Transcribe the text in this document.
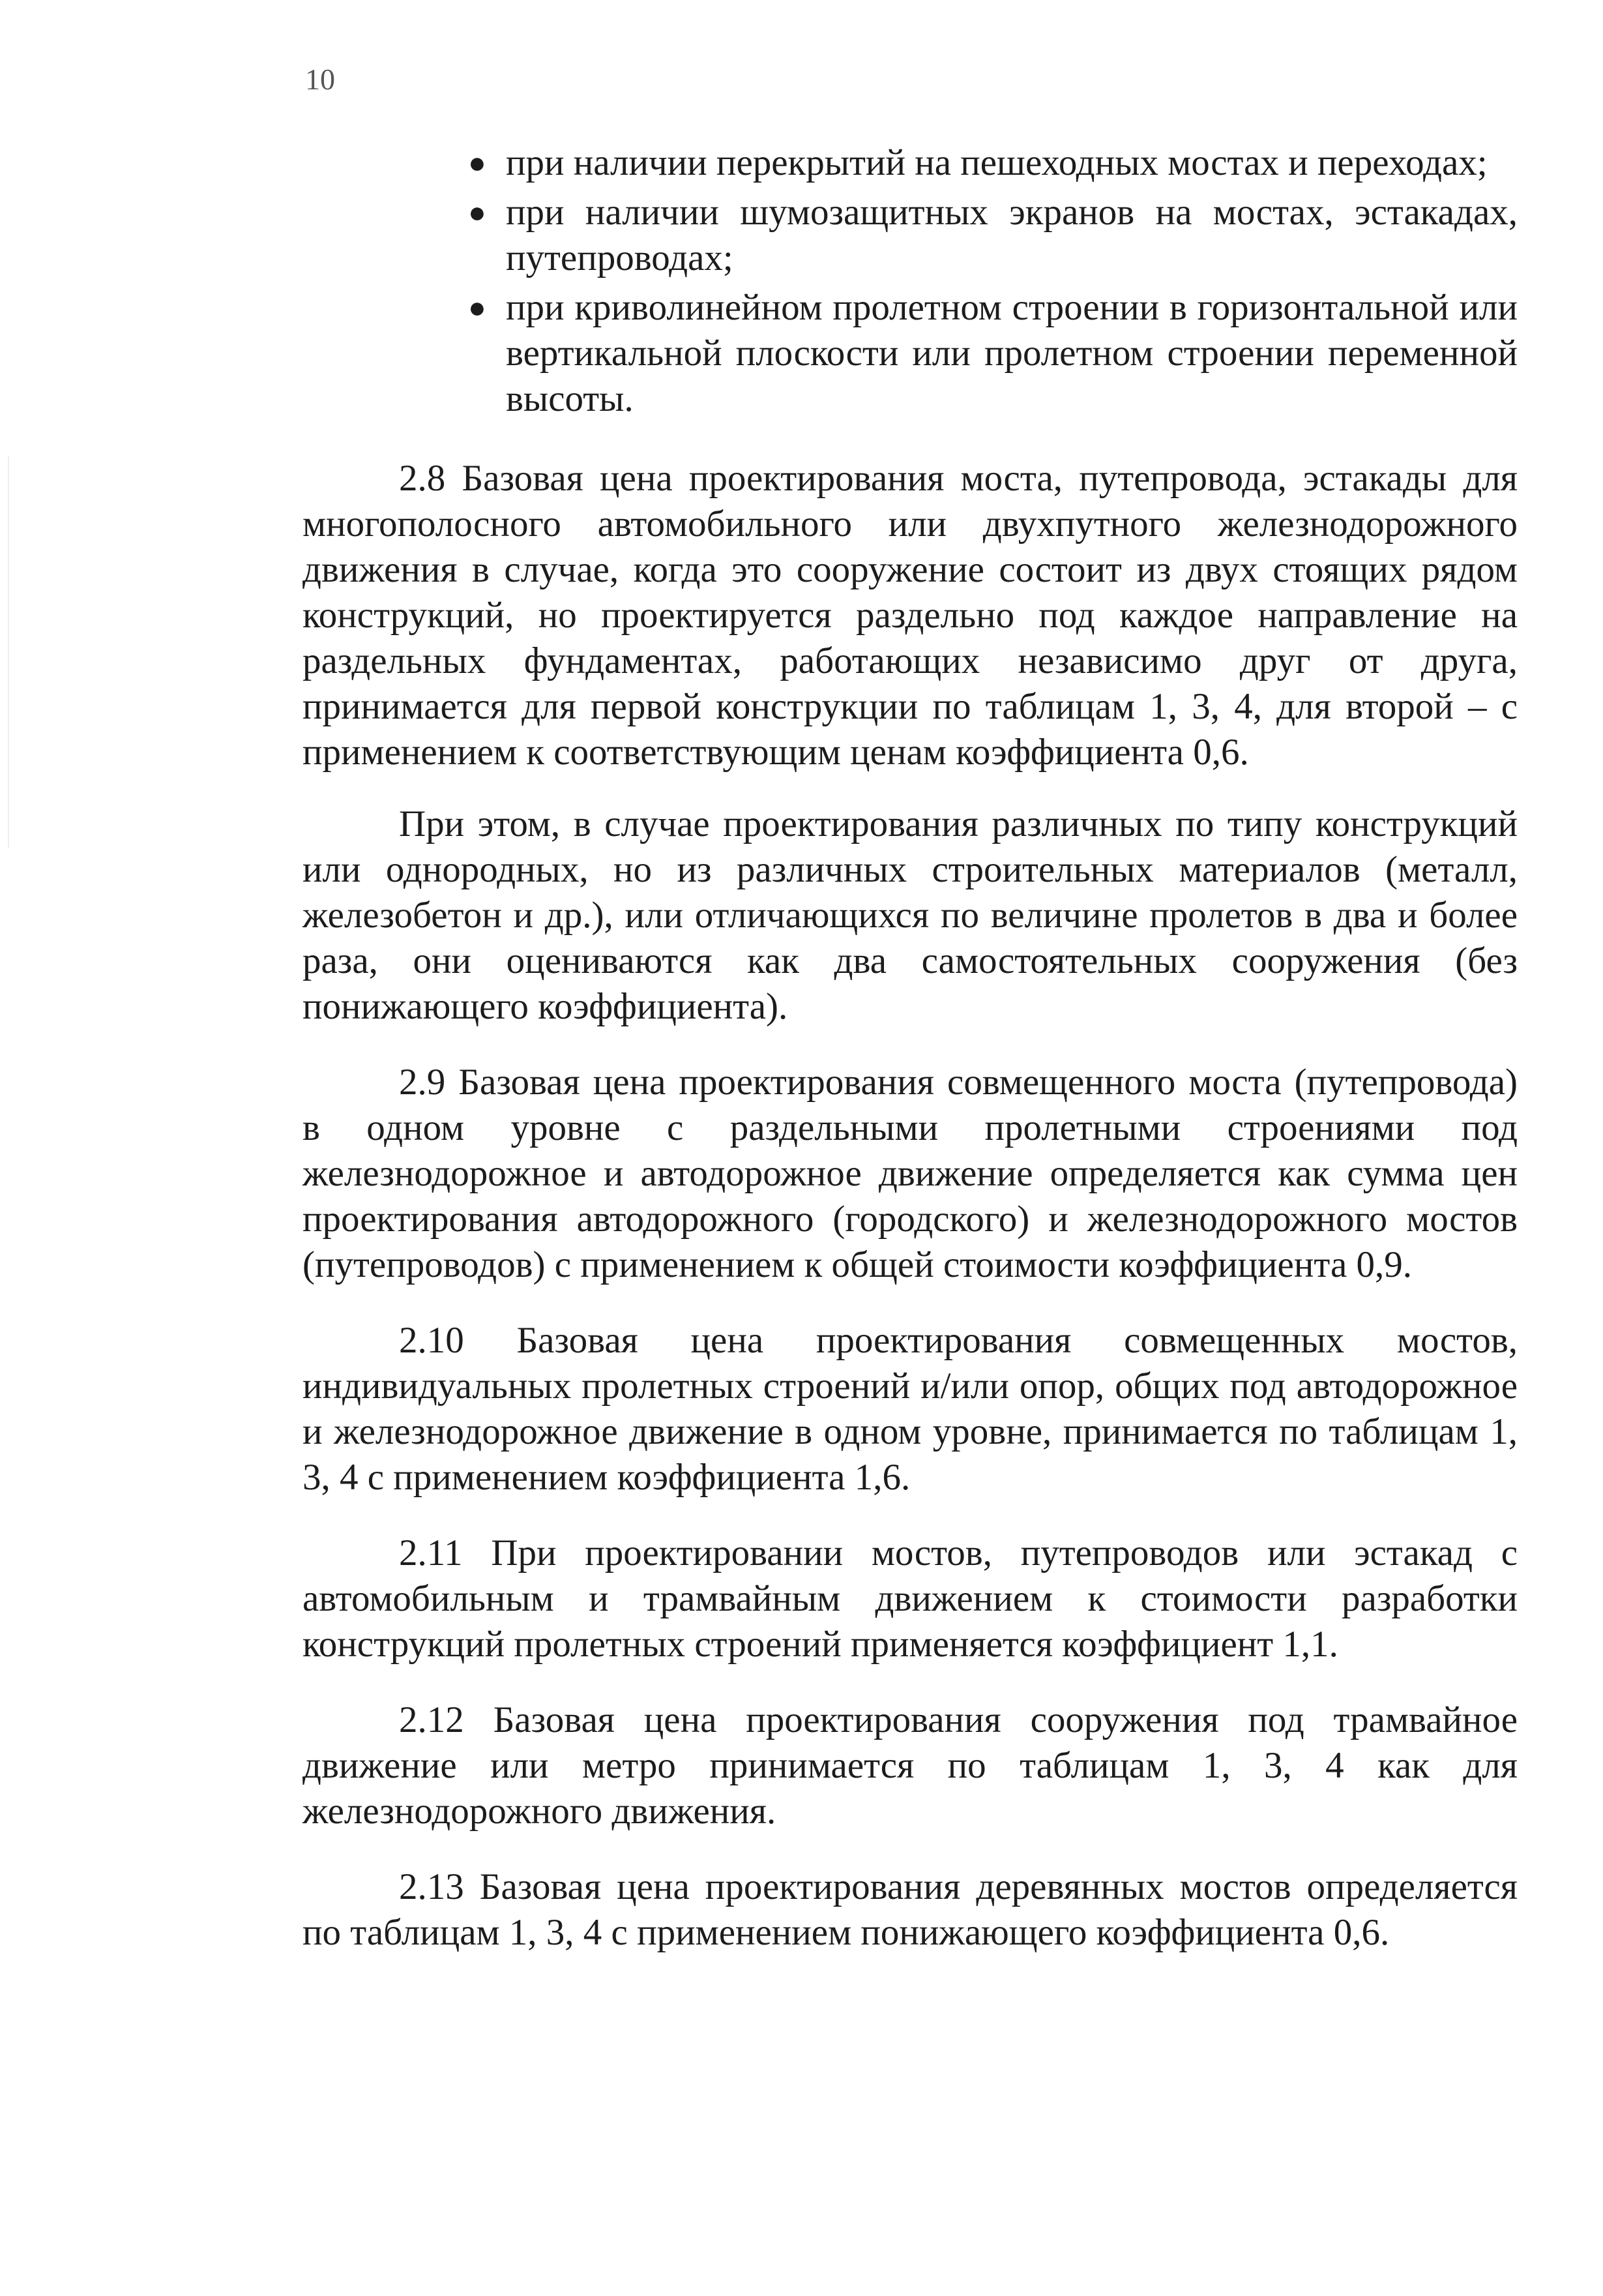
10
● при наличии перекрытий на пешеходных мостах и переходах;
● при наличии шумозащитных экранов на мостах, эстакадах, путепроводах;
● при криволинейном пролетном строении в горизонтальной или вертикальной плоскости или пролетном строении переменной высоты.

2.8 Базовая цена проектирования моста, путепровода, эстакады для многополосного автомобильного или двухпутного железнодорожного движения в случае, когда это сооружение состоит из двух стоящих рядом конструкций, но проектируется раздельно под каждое направление на раздельных фундаментах, работающих независимо друг от друга, принимается для первой конструкции по таблицам 1, 3, 4, для второй – с применением к соответствующим ценам коэффициента 0,6.

При этом, в случае проектирования различных по типу конструкций или однородных, но из различных строительных материалов (металл, железобетон и др.), или отличающихся по величине пролетов в два и более раза, они оцениваются как два самостоятельных сооружения (без понижающего коэффициента).

2.9 Базовая цена проектирования совмещенного моста (путепровода) в одном уровне с раздельными пролетными строениями под железнодорожное и автодорожное движение определяется как сумма цен проектирования автодорожного (городского) и железнодорожного мостов (путепроводов) с применением к общей стоимости коэффициента 0,9.

2.10 Базовая цена проектирования совмещенных мостов, индивидуальных пролетных строений и/или опор, общих под автодорожное и железнодорожное движение в одном уровне, принимается по таблицам 1, 3, 4 с применением коэффициента 1,6.

2.11 При проектировании мостов, путепроводов или эстакад с автомобильным и трамвайным движением к стоимости разработки конструкций пролетных строений применяется коэффициент 1,1.

2.12 Базовая цена проектирования сооружения под трамвайное движение или метро принимается по таблицам 1, 3, 4 как для железнодорожного движения.

2.13 Базовая цена проектирования деревянных мостов определяется по таблицам 1, 3, 4 с применением понижающего коэффициента 0,6.
